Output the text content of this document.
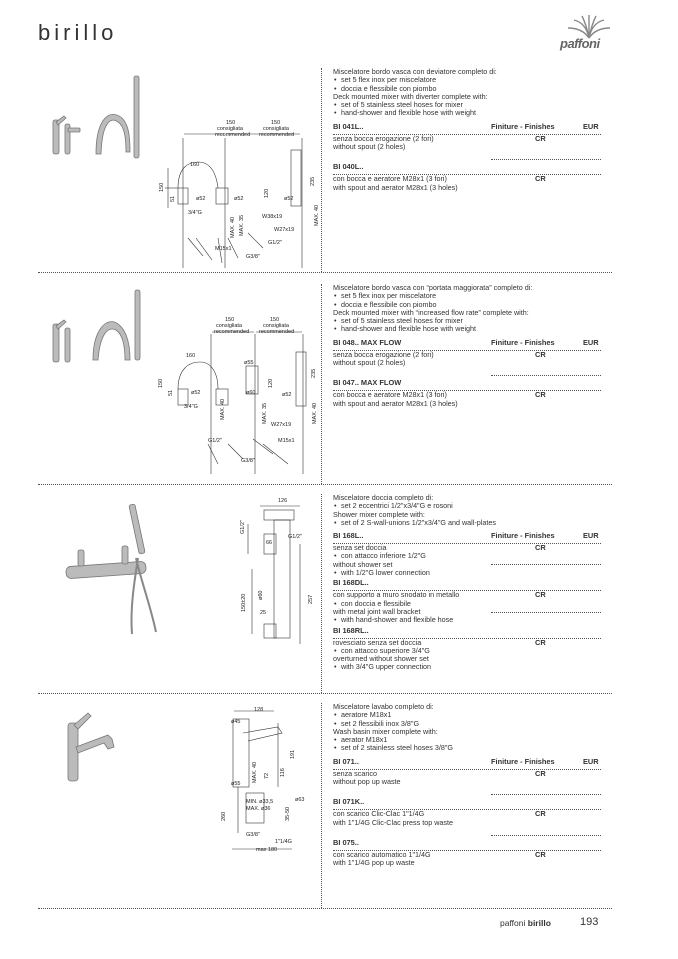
birillo	paffoni
150
consigliata
recommended
150
consigliata
recommended
160
150
51	ø52	ø52	ø52
120
235
3/4"G
W38x19
MAX. 35
MAX. 40	W27x19
MAX. 40
G1/2"
M15x1
G3/8"
Miscelatore bordo vasca con deviatore completo di:
• set 5 flex inox per miscelatore
• doccia e flessibile con piombo
Deck mounted mixer with diverter complete with:
• set of 5 stainless steel hoses for mixer
• hand-shower and flexible hose with weight
BI 041L..	Finiture - Finishes	EUR
senza bocca erogazione (2 fori)
without spout (2 holes)
CR
BI 040L..
con bocca e aeratore M28x1 (3 fori)
with spout and aerator M28x1 (3 holes)
CR
150
consigliata
recommended
150
consigliata
recommended
160
150
51
ø55
ø60
ø52	ø52
120
235
3/4"G	MAX. 40	MAX. 35
W27x19
MAX. 40
G1/2"	M15x1
G3/8"
Miscelatore bordo vasca con “portata maggiorata” completo di:
• set 5 flex inox per miscelatore
• doccia e flessibile con piombo
Deck mounted mixer with “increased flow rate” complete with:
• set of 5 stainless steel hoses for mixer
• hand-shower and flexible hose with weight
BI 048.. MAX FLOW	Finiture - Finishes	EUR
senza bocca erogazione (2 fori)
without spout (2 holes)
CR
BI 047.. MAX FLOW
con bocca e aeratore M28x1 (3 fori)
with spout and aerator M28x1 (3 holes)
CR
126
G1/2"
G1/2"
66
150±20 ø60
25
257
Miscelatore doccia completo di:
• set 2 eccentrici 1/2"x3/4"G e rosoni
Shower mixer complete with:
• set of 2 S-wall-unions 1/2"x3/4"G and wall-plates
BI 168L..	Finiture - Finishes	EUR
senza set doccia
• con attacco inferiore 1/2"G
without shower set
• with 1/2"G lower connection
CR
BI 168DL..
con supporto a muro snodato in metallo
• con doccia e flessibile
with metal joint wall bracket
• with hand-shower and flexible hose
CR
BI 168RL..
rovesciato senza set doccia
• con attacco superiore 3/4"G
overturned without shower set
• with 3/4"G upper connection
CR
128
ø45
MAX. 40 72 116
191
ø55
ø63
MIN. ø33,5
MAX. ø36	35-50
260
G3/8"
1"1/4G
max 180
Miscelatore lavabo completo di:
• aeratore M18x1
• set 2 flessibili inox 3/8"G
Wash basin mixer complete with:
• aerator M18x1
• set of 2 stainless steel hoses 3/8"G
BI 071..	Finiture - Finishes	EUR
senza scarico
without pop up waste
CR
BI 071K..
con scarico Clic-Clac 1"1/4G
with 1"1/4G Clic-Clac press top waste
CR
BI 075..
con scarico automatico 1"1/4G
with 1"1/4G pop up waste
CR
paffoni birillo	193
